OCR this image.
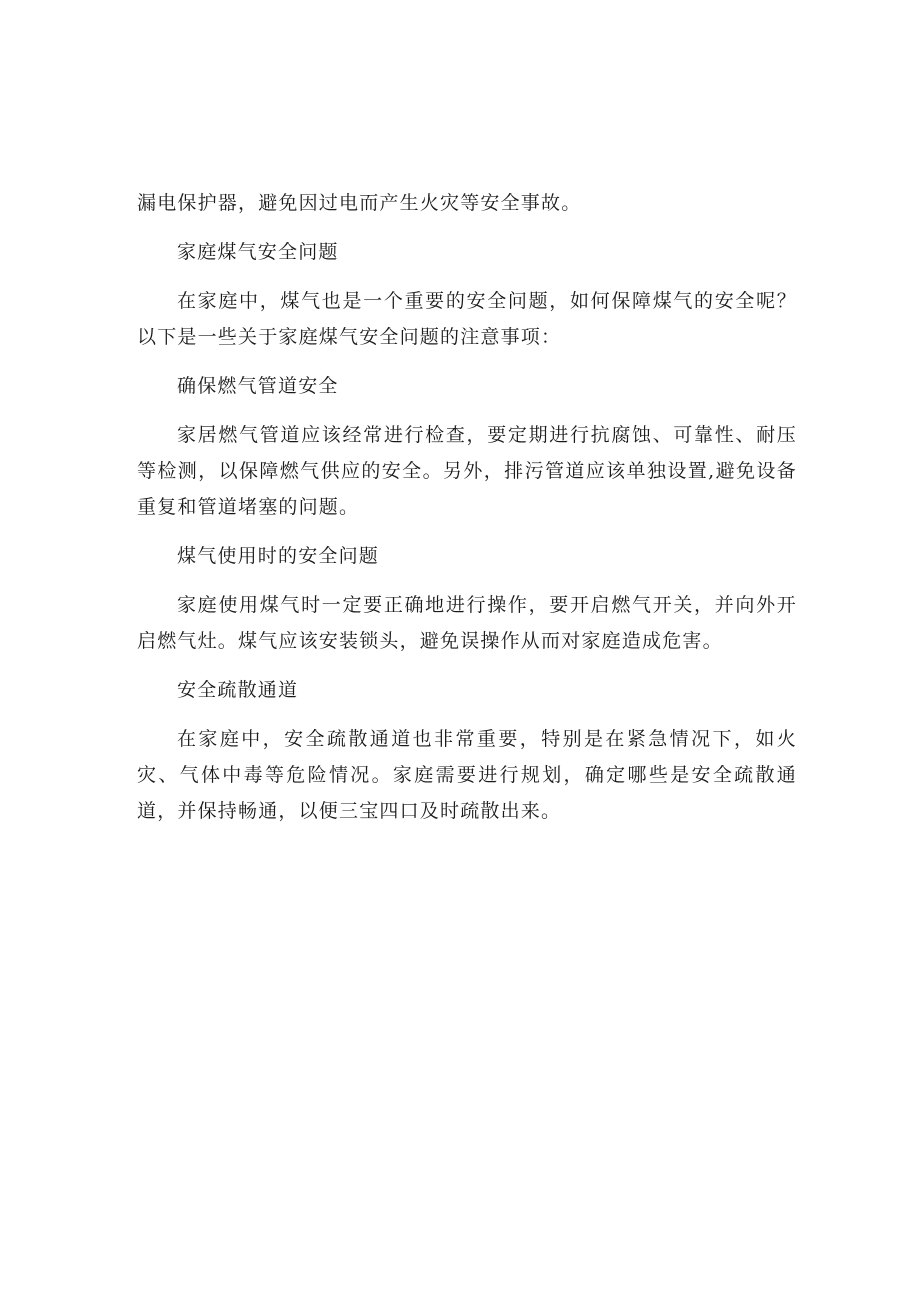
漏电保护器，避免因过电而产生火灾等安全事故。

家庭煤气安全问题

在家庭中，煤气也是一个重要的安全问题，如何保障煤气的安全呢？以下是一些关于家庭煤气安全问题的注意事项：

确保燃气管道安全

家居燃气管道应该经常进行检查，要定期进行抗腐蚀、可靠性、耐压等检测，以保障燃气供应的安全。另外，排污管道应该单独设置,避免设备重复和管道堵塞的问题。

煤气使用时的安全问题

家庭使用煤气时一定要正确地进行操作，要开启燃气开关，并向外开启燃气灶。煤气应该安装锁头，避免误操作从而对家庭造成危害。

安全疏散通道

在家庭中，安全疏散通道也非常重要，特别是在紧急情况下，如火灾、气体中毒等危险情况。家庭需要进行规划，确定哪些是安全疏散通道，并保持畅通，以便三宝四口及时疏散出来。
